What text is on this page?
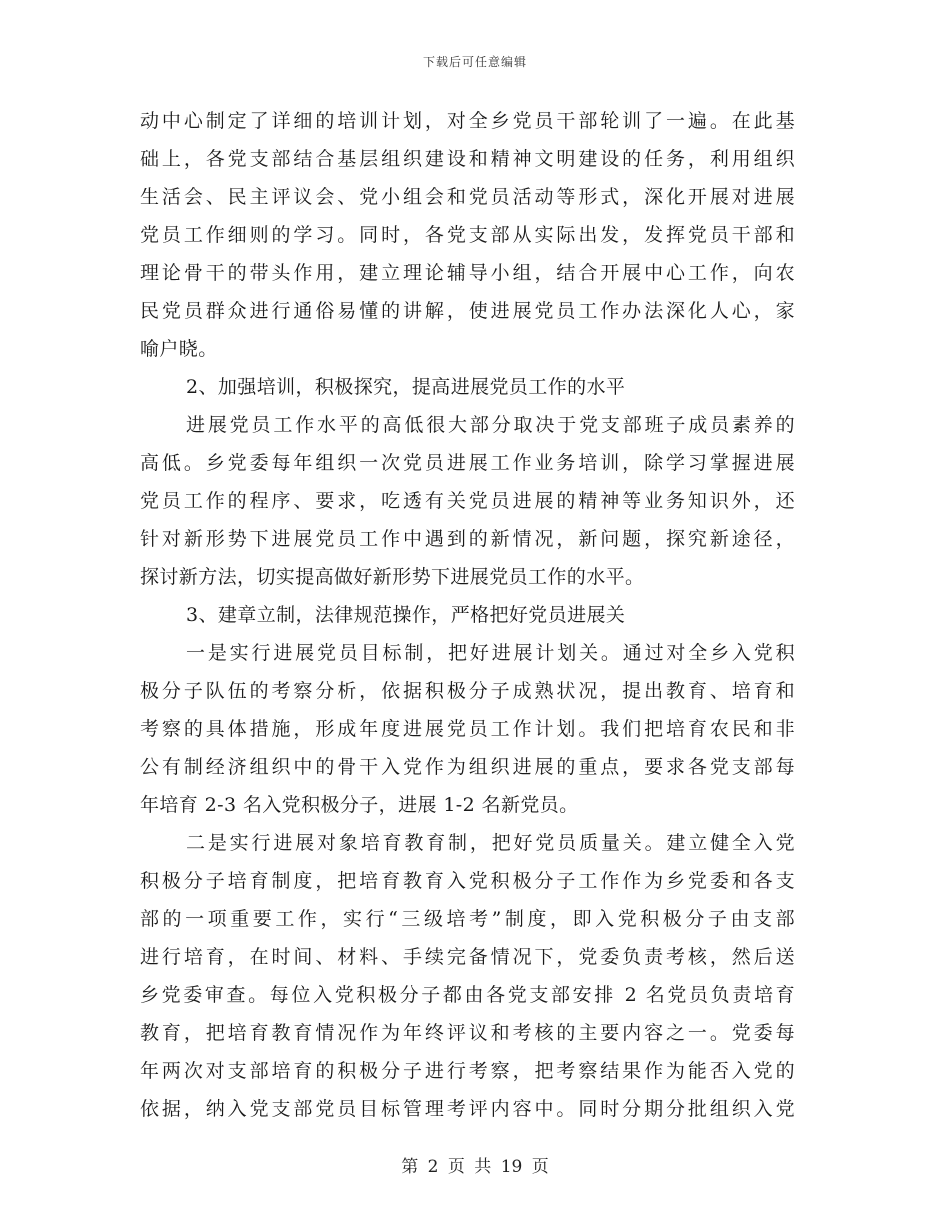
下载后可任意编辑
动中心制定了详细的培训计划，对全乡党员干部轮训了一遍。在此基
础上，各党支部结合基层组织建设和精神文明建设的任务，利用组织
生活会、民主评议会、党小组会和党员活动等形式，深化开展对进展
党员工作细则的学习。同时，各党支部从实际出发，发挥党员干部和
理论骨干的带头作用，建立理论辅导小组，结合开展中心工作，向农
民党员群众进行通俗易懂的讲解，使进展党员工作办法深化人心，家
喻户晓。
2、加强培训，积极探究，提高进展党员工作的水平
进展党员工作水平的高低很大部分取决于党支部班子成员素养的
高低。乡党委每年组织一次党员进展工作业务培训，除学习掌握进展
党员工作的程序、要求，吃透有关党员进展的精神等业务知识外，还
针对新形势下进展党员工作中遇到的新情况，新问题，探究新途径，
探讨新方法，切实提高做好新形势下进展党员工作的水平。
3、建章立制，法律规范操作，严格把好党员进展关
一是实行进展党员目标制，把好进展计划关。通过对全乡入党积
极分子队伍的考察分析，依据积极分子成熟状况，提出教育、培育和
考察的具体措施，形成年度进展党员工作计划。我们把培育农民和非
公有制经济组织中的骨干入党作为组织进展的重点，要求各党支部每
年培育 2-3 名入党积极分子，进展 1-2 名新党员。
二是实行进展对象培育教育制，把好党员质量关。建立健全入党
积极分子培育制度，把培育教育入党积极分子工作作为乡党委和各支
部的一项重要工作，实行“三级培考”制度，即入党积极分子由支部
进行培育，在时间、材料、手续完备情况下，党委负责考核，然后送
乡党委审查。每位入党积极分子都由各党支部安排 2 名党员负责培育
教育，把培育教育情况作为年终评议和考核的主要内容之一。党委每
年两次对支部培育的积极分子进行考察，把考察结果作为能否入党的
依据，纳入党支部党员目标管理考评内容中。同时分期分批组织入党
第 2 页 共 19 页
